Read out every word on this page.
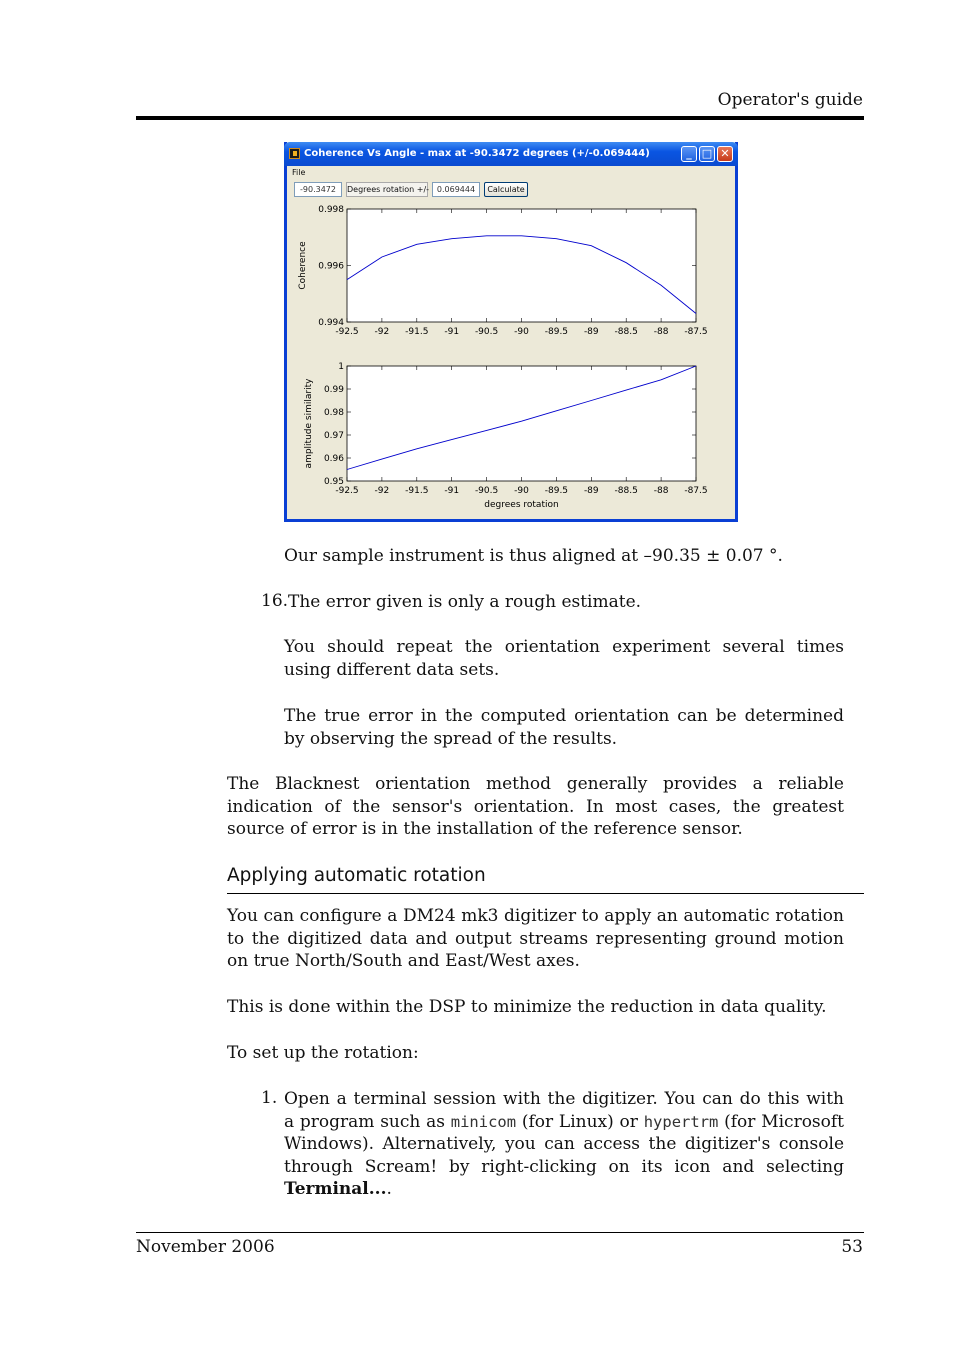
Operator's guide
Coherence Vs Angle - max at -90.3472 degrees (+/-0.069444)	_ □ ✕
File
-90.3472	Degrees rotation +/- 0.069444	Calculate
-92.5 -92 -91.5 -91 -90.5 -90 -89.5 -89 -88.5 -88 -87.5
0.998
0.996
0.994
Coherence
-92.5 -92 -91.5 -91 -90.5 -90 -89.5 -89 -88.5 -88 -87.5
1
0.99
0.98
0.97
0.96
0.95
amplitude similarity
degrees rotation

Our sample instrument is thus aligned at –90.35 ± 0.07 °.

16. The error given is only a rough estimate.

You should repeat the orientation experiment several times using different data sets.

The true error in the computed orientation can be determined by observing the spread of the results.

The Blacknest orientation method generally provides a reliable indication of the sensor's orientation. In most cases, the greatest source of error is in the installation of the reference sensor.

Applying automatic rotation

You can configure a DM24 mk3 digitizer to apply an automatic rotation to the digitized data and output streams representing ground motion on true North/South and East/West axes.

This is done within the DSP to minimize the reduction in data quality.

To set up the rotation:

1. Open a terminal session with the digitizer. You can do this with a program such as minicom (for Linux) or hypertrm (for Microsoft Windows). Alternatively, you can access the digitizer's console through Scream! by right-clicking on its icon and selecting Terminal....

November 2006	53
